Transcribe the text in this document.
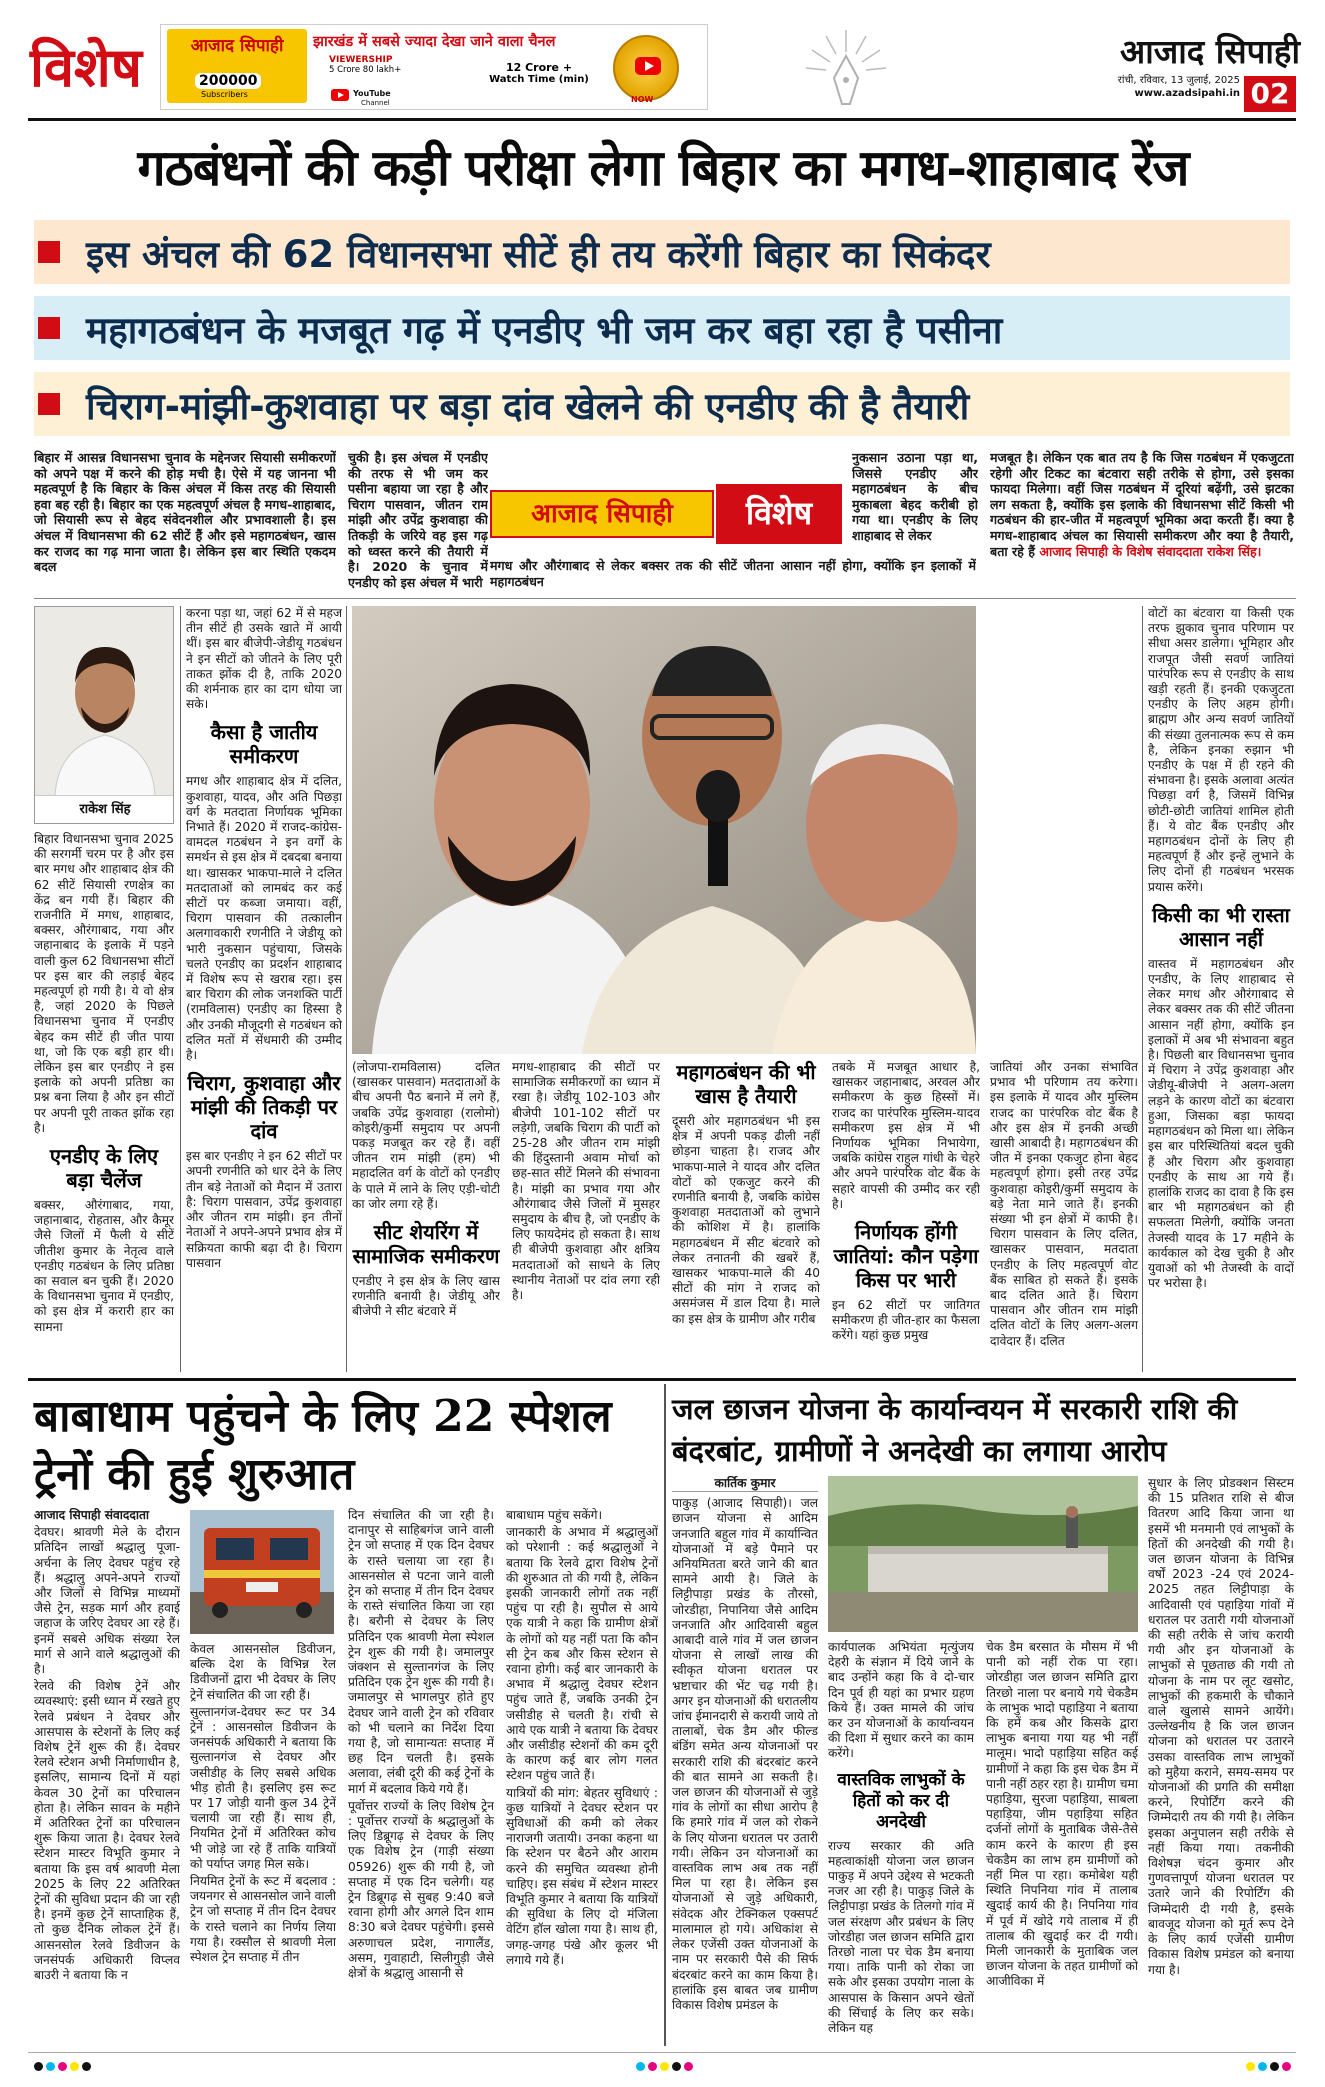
विशेष	आजाद सिपाही
200000
Subscribers
झारखंड में सबसे ज्यादा देखा जाने वाला चैनल
VIEWERSHIP
5 Crore 80 lakh+	12 Crore +
Watch Time (min)
YouTube
Channel	NOW
आजाद सिपाही
रांची, रविवार, 13 जुलाई, 2025
www.azadsipahi.in 02
गठबंधनों की कड़ी परीक्षा लेगा बिहार का मगध-शाहाबाद रेंज
इस अंचल की 62 विधानसभा सीटें ही तय करेंगी बिहार का सिकंदर
महागठबंधन के मजबूत गढ़ में एनडीए भी जम कर बहा रहा है पसीना
चिराग-मांझी-कुशवाहा पर बड़ा दांव खेलने की एनडीए की है तैयारी
बिहार में आसन्न विधानसभा चुनाव के मद्देनजर सियासी समीकरणों को अपने पक्ष में करने की होड़ मची है। ऐसे में यह जानना भी महत्वपूर्ण है कि बिहार के किस अंचल में किस तरह की सियासी हवा बह रही है। बिहार का एक महत्वपूर्ण अंचल है मगध-शाहाबाद, जो सियासी रूप से बेहद संवेदनशील और प्रभावशाली है। इस अंचल में विधानसभा की 62 सीटें हैं और इसे महागठबंधन, खास कर राजद का गढ़ माना जाता है। लेकिन इस बार स्थिति एकदम बदल
चुकी है। इस अंचल में एनडीए की तरफ से भी जम कर पसीना बहाया जा रहा है और चिराग पासवान, जीतन राम मांझी और उपेंद्र कुशवाहा की तिकड़ी के जरिये वह इस गढ़ को ध्वस्त करने की तैयारी में है। 2020 के चुनाव में एनडीए को इस अंचल में भारी
आजाद सिपाही	विशेष
मगध और औरंगाबाद से लेकर बक्सर तक की सीटें जीतना आसान नहीं होगा, क्योंकि इन इलाकों में महागठबंधन
नुकसान उठाना पड़ा था, जिससे एनडीए और महागठबंधन के बीच मुकाबला बेहद करीबी हो गया था। एनडीए के लिए शाहाबाद से लेकर
मजबूत है। लेकिन एक बात तय है कि जिस गठबंधन में एकजुटता रहेगी और टिकट का बंटवारा सही तरीके से होगा, उसे इसका फायदा मिलेगा। वहीं जिस गठबंधन में दूरियां बढ़ेंगी, उसे झटका लग सकता है, क्योंकि इस इलाके की विधानसभा सीटें किसी भी गठबंधन की हार-जीत में महत्वपूर्ण भूमिका अदा करती हैं। क्या है मगध-शाहाबाद अंचल का सियासी समीकरण और क्या है तैयारी, बता रहे हैं आजाद सिपाही के विशेष संवाददाता राकेश सिंह।
राकेश सिंह

बिहार विधानसभा चुनाव 2025 की सरगर्मी चरम पर है और इस बार मगध और शाहाबाद क्षेत्र की 62 सीटें सियासी रणक्षेत्र का केंद्र बन गयी हैं। बिहार की राजनीति में मगध, शाहाबाद, बक्सर, औरंगाबाद, गया और जहानाबाद के इलाके में पड़ने वाली कुल 62 विधानसभा सीटों पर इस बार की लड़ाई बेहद महत्वपूर्ण हो गयी है। ये वो क्षेत्र है, जहां 2020 के पिछले विधानसभा चुनाव में एनडीए बेहद कम सीटें ही जीत पाया था, जो कि एक बड़ी हार थी। लेकिन इस बार एनडीए ने इस इलाके को अपनी प्रतिष्ठा का प्रश्न बना लिया है और इन सीटों पर अपनी पूरी ताकत झोंक रहा है।

एनडीए के लिए बड़ा चैलेंज

बक्सर, औरंगाबाद, गया, जहानाबाद, रोहतास, और कैमूर जैसे जिलों में फैली ये सीटें जीतीश कुमार के नेतृत्व वाले एनडीए गठबंधन के लिए प्रतिष्ठा का सवाल बन चुकी हैं। 2020 के विधानसभा चुनाव में एनडीए, को इस क्षेत्र में करारी हार का सामना

करना पड़ा था, जहां 62 में से महज तीन सीटें ही उसके खाते में आयी थीं। इस बार बीजेपी-जेडीयू गठबंधन ने इन सीटों को जीतने के लिए पूरी ताकत झोंक दी है, ताकि 2020 की शर्मनाक हार का दाग धोया जा सके।

कैसा है जातीय समीकरण

मगध और शाहाबाद क्षेत्र में दलित, कुशवाहा, यादव, और अति पिछड़ा वर्ग के मतदाता निर्णायक भूमिका निभाते हैं। 2020 में राजद-कांग्रेस-वामदल गठबंधन ने इन वर्गों के समर्थन से इस क्षेत्र में दबदबा बनाया था। खासकर भाकपा-माले ने दलित मतदाताओं को लामबंद कर कई सीटों पर कब्जा जमाया। वहीं, चिराग पासवान की तत्कालीन अलगावकारी रणनीति ने जेडीयू को भारी नुकसान पहुंचाया, जिसके चलते एनडीए का प्रदर्शन शाहाबाद में विशेष रूप से खराब रहा। इस बार चिराग की लोक जनशक्ति पार्टी (रामविलास) एनडीए का हिस्सा है और उनकी मौजूदगी से गठबंधन को दलित मतों में सेंधमारी की उम्मीद है।

चिराग, कुशवाहा और मांझी की तिकड़ी पर दांव

इस बार एनडीए ने इन 62 सीटों पर अपनी रणनीति को धार देने के लिए तीन बड़े नेताओं को मैदान में उतारा है: चिराग पासवान, उपेंद्र कुशवाहा और जीतन राम मांझी। इन तीनों नेताओं ने अपने-अपने प्रभाव क्षेत्र में सक्रियता काफी बढ़ा दी है। चिराग पासवान

(लोजपा-रामविलास) दलित (खासकर पासवान) मतदाताओं के बीच अपनी पैठ बनाने में लगे हैं, जबकि उपेंद्र कुशवाहा (रालोमो) कोइरी/कुर्मी समुदाय पर अपनी पकड़ मजबूत कर रहे हैं। वहीं जीतन राम मांझी (हम) भी महादलित वर्ग के वोटों को एनडीए के पाले में लाने के लिए एड़ी-चोटी का जोर लगा रहे हैं।

सीट शेयरिंग में सामाजिक समीकरण

एनडीए ने इस क्षेत्र के लिए खास रणनीति बनायी है। जेडीयू और बीजेपी ने सीट बंटवारे में

मगध-शाहाबाद की सीटों पर सामाजिक समीकरणों का ध्यान में रखा है। जेडीयू 102-103 और बीजेपी 101-102 सीटों पर लड़ेगी, जबकि चिराग की पार्टी को 25-28 और जीतन राम मांझी की हिंदुस्तानी अवाम मोर्चा को छह-सात सीटें मिलने की संभावना है। मांझी का प्रभाव गया और औरंगाबाद जैसे जिलों में मुसहर समुदाय के बीच है, जो एनडीए के लिए फायदेमंद हो सकता है। साथ ही बीजेपी कुशवाहा और क्षत्रिय मतदाताओं को साधने के लिए स्थानीय नेताओं पर दांव लगा रही है।
महागठबंधन की भी खास है तैयारी

दूसरी ओर महागठबंधन भी इस क्षेत्र में अपनी पकड़ ढीली नहीं छोड़ना चाहता है। राजद और भाकपा-माले ने यादव और दलित वोटों को एकजुट करने की रणनीति बनायी है, जबकि कांग्रेस कुशवाहा मतदाताओं को लुभाने की कोशिश में है। हालांकि महागठबंधन में सीट बंटवारे को लेकर तनातनी की खबरें हैं, खासकर भाकपा-माले की 40 सीटों की मांग ने राजद को असमंजस में डाल दिया है। माले का इस क्षेत्र के ग्रामीण और गरीब

तबके में मजबूत आधार है, खासकर जहानाबाद, अरवल और समीकरण के कुछ हिस्सों में। राजद का पारंपरिक मुस्लिम-यादव समीकरण इस क्षेत्र में भी निर्णायक भूमिका निभायेगा, जबकि कांग्रेस राहुल गांधी के चेहरे और अपने पारंपरिक वोट बैंक के सहारे वापसी की उम्मीद कर रही है।

निर्णायक होंगी जातियां: कौन पड़ेगा किस पर भारी

इन 62 सीटों पर जातिगत समीकरण ही जीत-हार का फैसला करेंगे। यहां कुछ प्रमुख

जातियां और उनका संभावित प्रभाव भी परिणाम तय करेगा। इस इलाके में यादव और मुस्लिम राजद का पारंपरिक वोट बैंक है और इस क्षेत्र में इनकी अच्छी खासी आबादी है। महागठबंधन की जीत में इनका एकजुट होना बेहद महत्वपूर्ण होगा। इसी तरह उपेंद्र कुशवाहा कोइरी/कुर्मी समुदाय के बड़े नेता माने जाते हैं। इनकी संख्या भी इन क्षेत्रों में काफी है। चिराग पासवान के लिए दलित, खासकर पासवान, मतदाता एनडीए के लिए महत्वपूर्ण वोट बैंक साबित हो सकते हैं। इसके बाद दलित आते हैं। चिराग पासवान और जीतन राम मांझी दलित वोटों के लिए अलग-अलग दावेदार हैं। दलित

वोटों का बंटवारा या किसी एक तरफ झुकाव चुनाव परिणाम पर सीधा असर डालेगा। भूमिहार और राजपूत जैसी सवर्ण जातियां पारंपरिक रूप से एनडीए के साथ खड़ी रहती हैं। इनकी एकजुटता एनडीए के लिए अहम होगी। ब्राह्मण और अन्य सवर्ण जातियों की संख्या तुलनात्मक रूप से कम है, लेकिन इनका रुझान भी एनडीए के पक्ष में ही रहने की संभावना है। इसके अलावा अत्यंत पिछड़ा वर्ग है, जिसमें विभिन्न छोटी-छोटी जातियां शामिल होती हैं। ये वोट बैंक एनडीए और महागठबंधन दोनों के लिए ही महत्वपूर्ण हैं और इन्हें लुभाने के लिए दोनों ही गठबंधन भरसक प्रयास करेंगे।

किसी का भी रास्ता आसान नहीं

वास्तव में महागठबंधन और एनडीए, के लिए शाहाबाद से लेकर मगध और औरंगाबाद से लेकर बक्सर तक की सीटें जीतना आसान नहीं होगा, क्योंकि इन इलाकों में अब भी संभावना बहुत है। पिछली बार विधानसभा चुनाव में चिराग ने उपेंद्र कुशवाहा और जेडीयू-बीजेपी ने अलग-अलग लड़ने के कारण वोटों का बंटवारा हुआ, जिसका बड़ा फायदा महागठबंधन को मिला था। लेकिन इस बार परिस्थितियां बदल चुकी हैं और चिराग और कुशवाहा एनडीए के साथ आ गये हैं। हालांकि राजद का दावा है कि इस बार भी महागठबंधन को ही सफलता मिलेगी, क्योंकि जनता तेजस्वी यादव के 17 महीने के कार्यकाल को देख चुकी है और युवाओं को भी तेजस्वी के वादों पर भरोसा है।

बाबाधाम पहुंचने के लिए 22 स्पेशल ट्रेनों की हुई शुरुआत

आजाद सिपाही संवाददाता

देवघर। श्रावणी मेले के दौरान प्रतिदिन लाखों श्रद्धालु पूजा-अर्चना के लिए देवघर पहुंच रहे हैं। श्रद्धालु अपने-अपने राज्यों और जिलों से विभिन्न माध्यमों जैसे ट्रेन, सड़क मार्ग और हवाई जहाज के जरिए देवघर आ रहे हैं। इनमें सबसे अधिक संख्या रेल मार्ग से आने वाले श्रद्धालुओं की है।

रेलवे की विशेष ट्रेनें और व्यवस्थाएं: इसी ध्यान में रखते हुए रेलवे प्रबंधन ने देवघर और आसपास के स्टेशनों के लिए कई विशेष ट्रेनें शुरू की हैं। देवघर रेलवे स्टेशन अभी निर्माणाधीन है, इसलिए, सामान्य दिनों में यहां केवल 30 ट्रेनों का परिचालन होता है। लेकिन सावन के महीने में अतिरिक्त ट्रेनों का परिचालन शुरू किया जाता है। देवघर रेलवे स्टेशन मास्टर विभूति कुमार ने बताया कि इस वर्ष श्रावणी मेला 2025 के लिए 22 अतिरिक्त ट्रेनों की सुविधा प्रदान की जा रही है। इनमें कुछ ट्रेनें साप्ताहिक हैं, तो कुछ दैनिक लोकल ट्रेनें हैं। आसनसोल रेलवे डिवीजन के जनसंपर्क अधिकारी विप्लव बाउरी ने बताया कि न

केवल आसनसोल डिवीजन, बल्कि देश के विभिन्न रेल डिवीजनों द्वारा भी देवघर के लिए ट्रेनें संचालित की जा रही हैं।

सुल्तानगंज-देवघर रूट पर 34 ट्रेनें : आसनसोल डिवीजन के जनसंपर्क अधिकारी ने बताया कि सुल्तानगंज से देवघर और जसीडीह के लिए सबसे अधिक भीड़ होती है। इसलिए इस रूट पर 17 जोड़ी यानी कुल 34 ट्रेनें चलायी जा रही हैं। साथ ही, नियमित ट्रेनों में अतिरिक्त कोच भी जोड़े जा रहे हैं ताकि यात्रियों को पर्याप्त जगह मिल सके।

नियमित ट्रेनों के रूट में बदलाव : जयनगर से आसनसोल जाने वाली ट्रेन जो सप्ताह में तीन दिन देवघर के रास्ते चलाने का निर्णय लिया गया है। रक्सौल से श्रावणी मेला स्पेशल ट्रेन सप्ताह में तीन

दिन संचालित की जा रही है। दानापुर से साहिबगंज जाने वाली ट्रेन जो सप्ताह में एक दिन देवघर के रास्ते चलाया जा रहा है। आसनसोल से पटना जाने वाली ट्रेन को सप्ताह में तीन दिन देवघर के रास्ते संचालित किया जा रहा है। बरौनी से देवघर के लिए प्रतिदिन एक श्रावणी मेला स्पेशल ट्रेन शुरू की गयी है। जमालपुर जंक्शन से सुल्तानगंज के लिए प्रतिदिन एक ट्रेन शुरू की गयी है। जमालपुर से भागलपुर होते हुए देवघर जाने वाली ट्रेन को रविवार को भी चलाने का निर्देश दिया गया है, जो सामान्यतः सप्ताह में छह दिन चलती है। इसके अलावा, लंबी दूरी की कई ट्रेनों के मार्ग में बदलाव किये गये हैं।

पूर्वोत्तर राज्यों के लिए विशेष ट्रेन : पूर्वोत्तर राज्यों के श्रद्धालुओं के लिए डिब्रूगढ़ से देवघर के लिए एक विशेष ट्रेन (गाड़ी संख्या 05926) शुरू की गयी है, जो सप्ताह में एक दिन चलेगी। यह ट्रेन डिब्रूगढ़ से सुबह 9:40 बजे रवाना होगी और अगले दिन शाम 8:30 बजे देवघर पहुंचेगी। इससे अरुणाचल प्रदेश, नागालैंड, असम, गुवाहाटी, सिलीगुड़ी जैसे क्षेत्रों के श्रद्धालु आसानी से

बाबाधाम पहुंच सकेंगे।

जानकारी के अभाव में श्रद्धालुओं को परेशानी : कई श्रद्धालुओं ने बताया कि रेलवे द्वारा विशेष ट्रेनों की शुरुआत तो की गयी है, लेकिन इसकी जानकारी लोगों तक नहीं पहुंच पा रही है। सुपौल से आये एक यात्री ने कहा कि ग्रामीण क्षेत्रों के लोगों को यह नहीं पता कि कौन सी ट्रेन कब और किस स्टेशन से रवाना होगी। कई बार जानकारी के अभाव में श्रद्धालु देवघर स्टेशन पहुंच जाते हैं, जबकि उनकी ट्रेन जसीडीह से चलती है। रांची से आये एक यात्री ने बताया कि देवघर और जसीडीह स्टेशनों की कम दूरी के कारण कई बार लोग गलत स्टेशन पहुंच जाते हैं।

यात्रियों की मांग: बेहतर सुविधाएं : कुछ यात्रियों ने देवघर स्टेशन पर सुविधाओं की कमी को लेकर नाराजगी जतायी। उनका कहना था कि स्टेशन पर बैठने और आराम करने की समुचित व्यवस्था होनी चाहिए। इस संबंध में स्टेशन मास्टर विभूति कुमार ने बताया कि यात्रियों की सुविधा के लिए दो मंजिला वेटिंग हॉल खोला गया है। साथ ही, जगह-जगह पंखे और कूलर भी लगाये गये हैं।

जल छाजन योजना के कार्यान्वयन में सरकारी राशि की बंदरबांट, ग्रामीणों ने अनदेखी का लगाया आरोप

कार्तिक कुमार

पाकुड़ (आजाद सिपाही)। जल छाजन योजना से आदिम जनजाति बहुल गांव में कार्यान्वित योजनाओं में बड़े पैमाने पर अनियमितता बरते जाने की बात सामने आयी है। जिले के लिट्टीपाड़ा प्रखंड के तौरसो, जोरडीहा, निपानिया जैसे आदिम जनजाति और आदिवासी बहुल आबादी वाले गांव में जल छाजन योजना से लाखों लाख की स्वीकृत योजना धरातल पर भ्रष्टाचार की भेंट चढ़ गयी है। अगर इन योजनाओं की धरातलीय जांच ईमानदारी से करायी जाये तो तालाबों, चेक डैम और फील्ड बंडिंग समेत अन्य योजनाओं पर सरकारी राशि की बंदरबांट करने की बात सामने आ सकती है। जल छाजन की योजनाओं से जुड़े गांव के लोगों का सीधा आरोप है कि हमारे गांव में जल को रोकने के लिए योजना धरातल पर उतारी गयी। लेकिन उन योजनाओं का वास्तविक लाभ अब तक नहीं मिल पा रहा है। लेकिन इस योजनाओं से जुड़े अधिकारी, संवेदक और टेक्निकल एक्सपर्ट मालामाल हो गये। अधिकांश से लेकर एजेंसी उक्त योजनाओं के नाम पर सरकारी पैसे की सिर्फ बंदरबांट करने का काम किया है। हालांकि इस बाबत जब ग्रामीण विकास विशेष प्रमंडल के

कार्यपालक अभियंता मृत्युंजय देहरी के संज्ञान में दिये जाने के बाद उन्होंने कहा कि वे दो-चार दिन पूर्व ही यहां का प्रभार ग्रहण किये हैं। उक्त मामले की जांच कर उन योजनाओं के कार्यान्वयन की दिशा में सुधार करने का काम करेंगे।

वास्तविक लाभुकों के हितों को कर दी अनदेखी

राज्य सरकार की अति महत्वाकांक्षी योजना जल छाजन पाकुड़ में अपने उद्देश्य से भटकती नजर आ रही है। पाकुड़ जिले के लिट्टीपाड़ा प्रखंड के तिलगो गांव में जल संरक्षण और प्रबंधन के लिए जोरडीहा जल छाजन समिति द्वारा तिरछो नाला पर चेक डैम बनाया गया। ताकि पानी को रोका जा सके और इसका उपयोग नाला के आसपास के किसान अपने खेतों की सिंचाई के लिए कर सके। लेकिन यह

चेक डैम बरसात के मौसम में भी पानी को नहीं रोक पा रहा। जोरडीहा जल छाजन समिति द्वारा तिरछो नाला पर बनाये गये चेकडैम के लाभुक भादो पहाड़िया ने बताया कि हमें कब और किसके द्वारा लाभुक बनाया गया यह भी नहीं मालूम। भादो पहाड़िया सहित कई ग्रामीणों ने कहा कि इस चेक डैम में पानी नहीं ठहर रहा है। ग्रामीण चमा पहाड़िया, सुरजा पहाड़िया, साबला पहाड़िया, जीम पहाड़िया सहित दर्जनों लोगों के मुताबिक जैसे-तैसे काम करने के कारण ही इस चेकडैम का लाभ हम ग्रामीणों को नहीं मिल पा रहा। कमोबेश यही स्थिति निपनिया गांव में तालाब खुदाई कार्य की है। निपनिया गांव में पूर्व में खोदे गये तालाब में ही तालाब की खुदाई कर दी गयी। मिली जानकारी के मुताबिक जल छाजन योजना के तहत ग्रामीणों को आजीविका में
सुधार के लिए प्रोडक्शन सिस्टम की 15 प्रतिशत राशि से बीज वितरण आदि किया जाना था इसमें भी मनमानी एवं लाभुकों के हितों की अनदेखी की गयी है। जल छाजन योजना के विभिन्न वर्षों 2023 -24 एवं 2024- 2025 तहत लिट्टीपाड़ा के आदिवासी एवं पहाड़िया गांवों में धरातल पर उतारी गयी योजनाओं की सही तरीके से जांच करायी गयी और इन योजनाओं के लाभुकों से पूछताछ की गयी तो योजना के नाम पर लूट खसोट, लाभुकों की हकमारी के चौकाने वाले खुलासे सामने आयेंगे। उल्लेखनीय है कि जल छाजन योजना को धरातल पर उतारने उसका वास्तविक लाभ लाभुकों को मुहैया कराने, समय-समय पर योजनाओं की प्रगति की समीक्षा करने, रिपोर्टिंग करने की जिम्मेदारी तय की गयी है। लेकिन इसका अनुपालन सही तरीके से नहीं किया गया। तकनीकी विशेषज्ञ चंदन कुमार और गुणवत्तापूर्ण योजना धरातल पर उतारे जाने की रिपोर्टिंग की जिम्मेदारी दी गयी है, इसके बावजूद योजना को मूर्त रूप देने के लिए कार्य एजेंसी ग्रामीण विकास विशेष प्रमंडल को बनाया गया है।
